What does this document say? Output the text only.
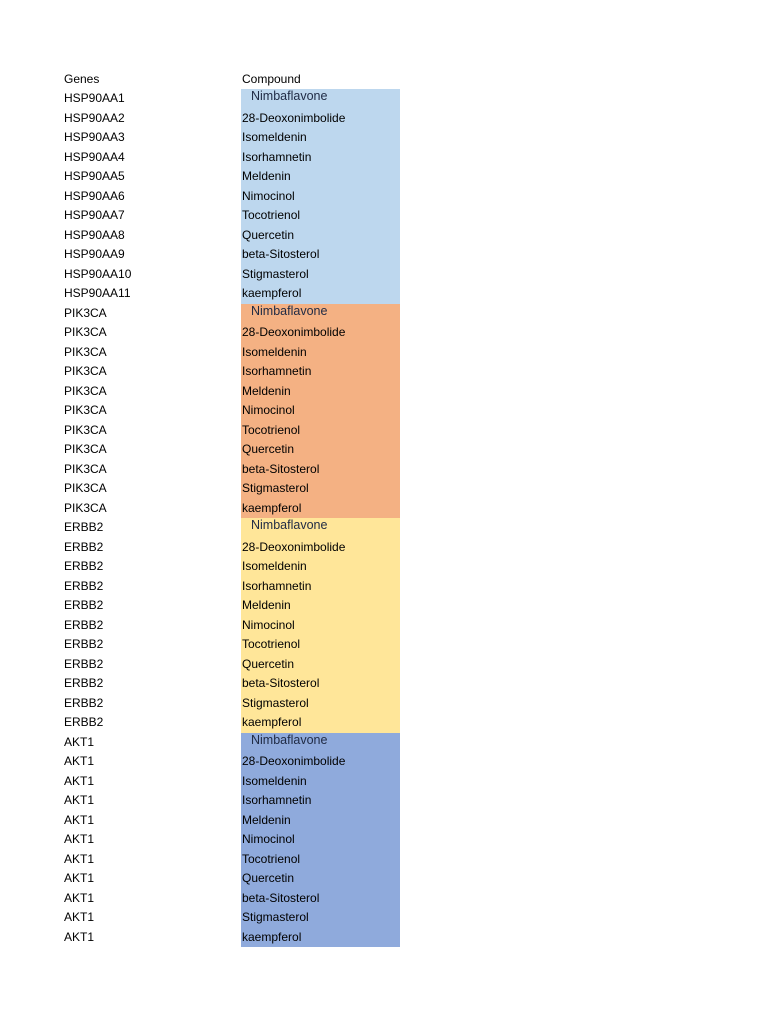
Genes	Compound
HSP90AA1	Nimbaflavone
HSP90AA2	28-Deoxonimbolide
HSP90AA3	Isomeldenin
HSP90AA4	Isorhamnetin
HSP90AA5	Meldenin
HSP90AA6	Nimocinol
HSP90AA7	Tocotrienol
HSP90AA8	Quercetin
HSP90AA9	beta-Sitosterol
HSP90AA10	Stigmasterol
HSP90AA11	kaempferol
PIK3CA	Nimbaflavone
PIK3CA	28-Deoxonimbolide
PIK3CA	Isomeldenin
PIK3CA	Isorhamnetin
PIK3CA	Meldenin
PIK3CA	Nimocinol
PIK3CA	Tocotrienol
PIK3CA	Quercetin
PIK3CA	beta-Sitosterol
PIK3CA	Stigmasterol
PIK3CA	kaempferol
ERBB2	Nimbaflavone
ERBB2	28-Deoxonimbolide
ERBB2	Isomeldenin
ERBB2	Isorhamnetin
ERBB2	Meldenin
ERBB2	Nimocinol
ERBB2	Tocotrienol
ERBB2	Quercetin
ERBB2	beta-Sitosterol
ERBB2	Stigmasterol
ERBB2	kaempferol
AKT1	Nimbaflavone
AKT1	28-Deoxonimbolide
AKT1	Isomeldenin
AKT1	Isorhamnetin
AKT1	Meldenin
AKT1	Nimocinol
AKT1	Tocotrienol
AKT1	Quercetin
AKT1	beta-Sitosterol
AKT1	Stigmasterol
AKT1	kaempferol
